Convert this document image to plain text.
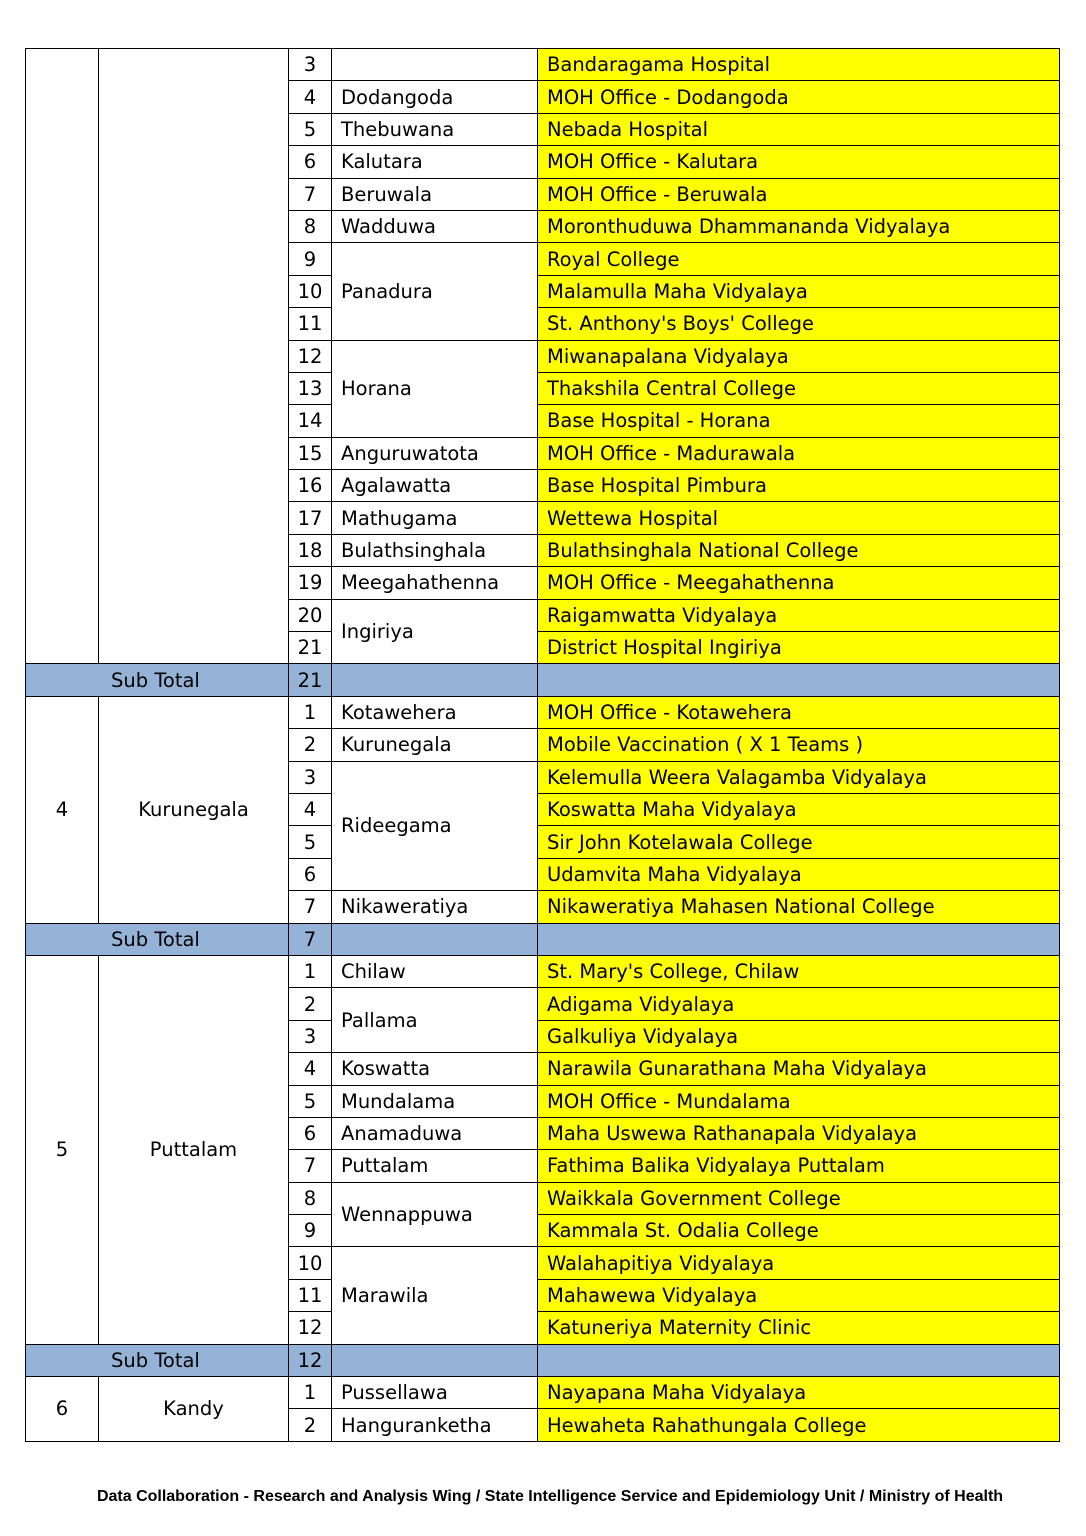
		3		Bandaragama Hospital
		4	Dodangoda	MOH Office - Dodangoda
		5	Thebuwana	Nebada Hospital
		6	Kalutara	MOH Office - Kalutara
		7	Beruwala	MOH Office - Beruwala
		8	Wadduwa	Moronthuduwa Dhammananda Vidyalaya
		9	Panadura	Royal College
		10		Malamulla Maha Vidyalaya
		11		St. Anthony's Boys' College
		12	Horana	Miwanapalana Vidyalaya
		13		Thakshila Central College
		14		Base Hospital - Horana
		15	Anguruwatota	MOH Office - Madurawala
		16	Agalawatta	Base Hospital Pimbura
		17	Mathugama	Wettewa Hospital
		18	Bulathsinghala	Bulathsinghala National College
		19	Meegahathenna	MOH Office - Meegahathenna
		20	Ingiriya	Raigamwatta Vidyalaya
		21		District Hospital Ingiriya
Sub Total		21		
4	Kurunegala	1	Kotawehera	MOH Office - Kotawehera
		2	Kurunegala	Mobile Vaccination ( X 1 Teams )
		3	Rideegama	Kelemulla Weera Valagamba Vidyalaya
		4		Koswatta Maha Vidyalaya
		5		Sir John Kotelawala College
		6		Udamvita Maha Vidyalaya
		7	Nikaweratiya	Nikaweratiya Mahasen National College
Sub Total		7		
5	Puttalam	1	Chilaw	St. Mary's College, Chilaw
		2	Pallama	Adigama Vidyalaya
		3		Galkuliya Vidyalaya
		4	Koswatta	Narawila Gunarathana Maha Vidyalaya
		5	Mundalama	MOH Office - Mundalama
		6	Anamaduwa	Maha Uswewa Rathanapala Vidyalaya
		7	Puttalam	Fathima Balika Vidyalaya Puttalam
		8	Wennappuwa	Waikkala Government College
		9		Kammala St. Odalia College
		10	Marawila	Walahapitiya Vidyalaya
		11		Mahawewa Vidyalaya
		12		Katuneriya Maternity Clinic
Sub Total		12		
6	Kandy	1	Pussellawa	Nayapana Maha Vidyalaya
		2	Hanguranketha	Hewaheta Rahathungala College
Data Collaboration - Research and Analysis Wing / State Intelligence Service and Epidemiology Unit / Ministry of Health
